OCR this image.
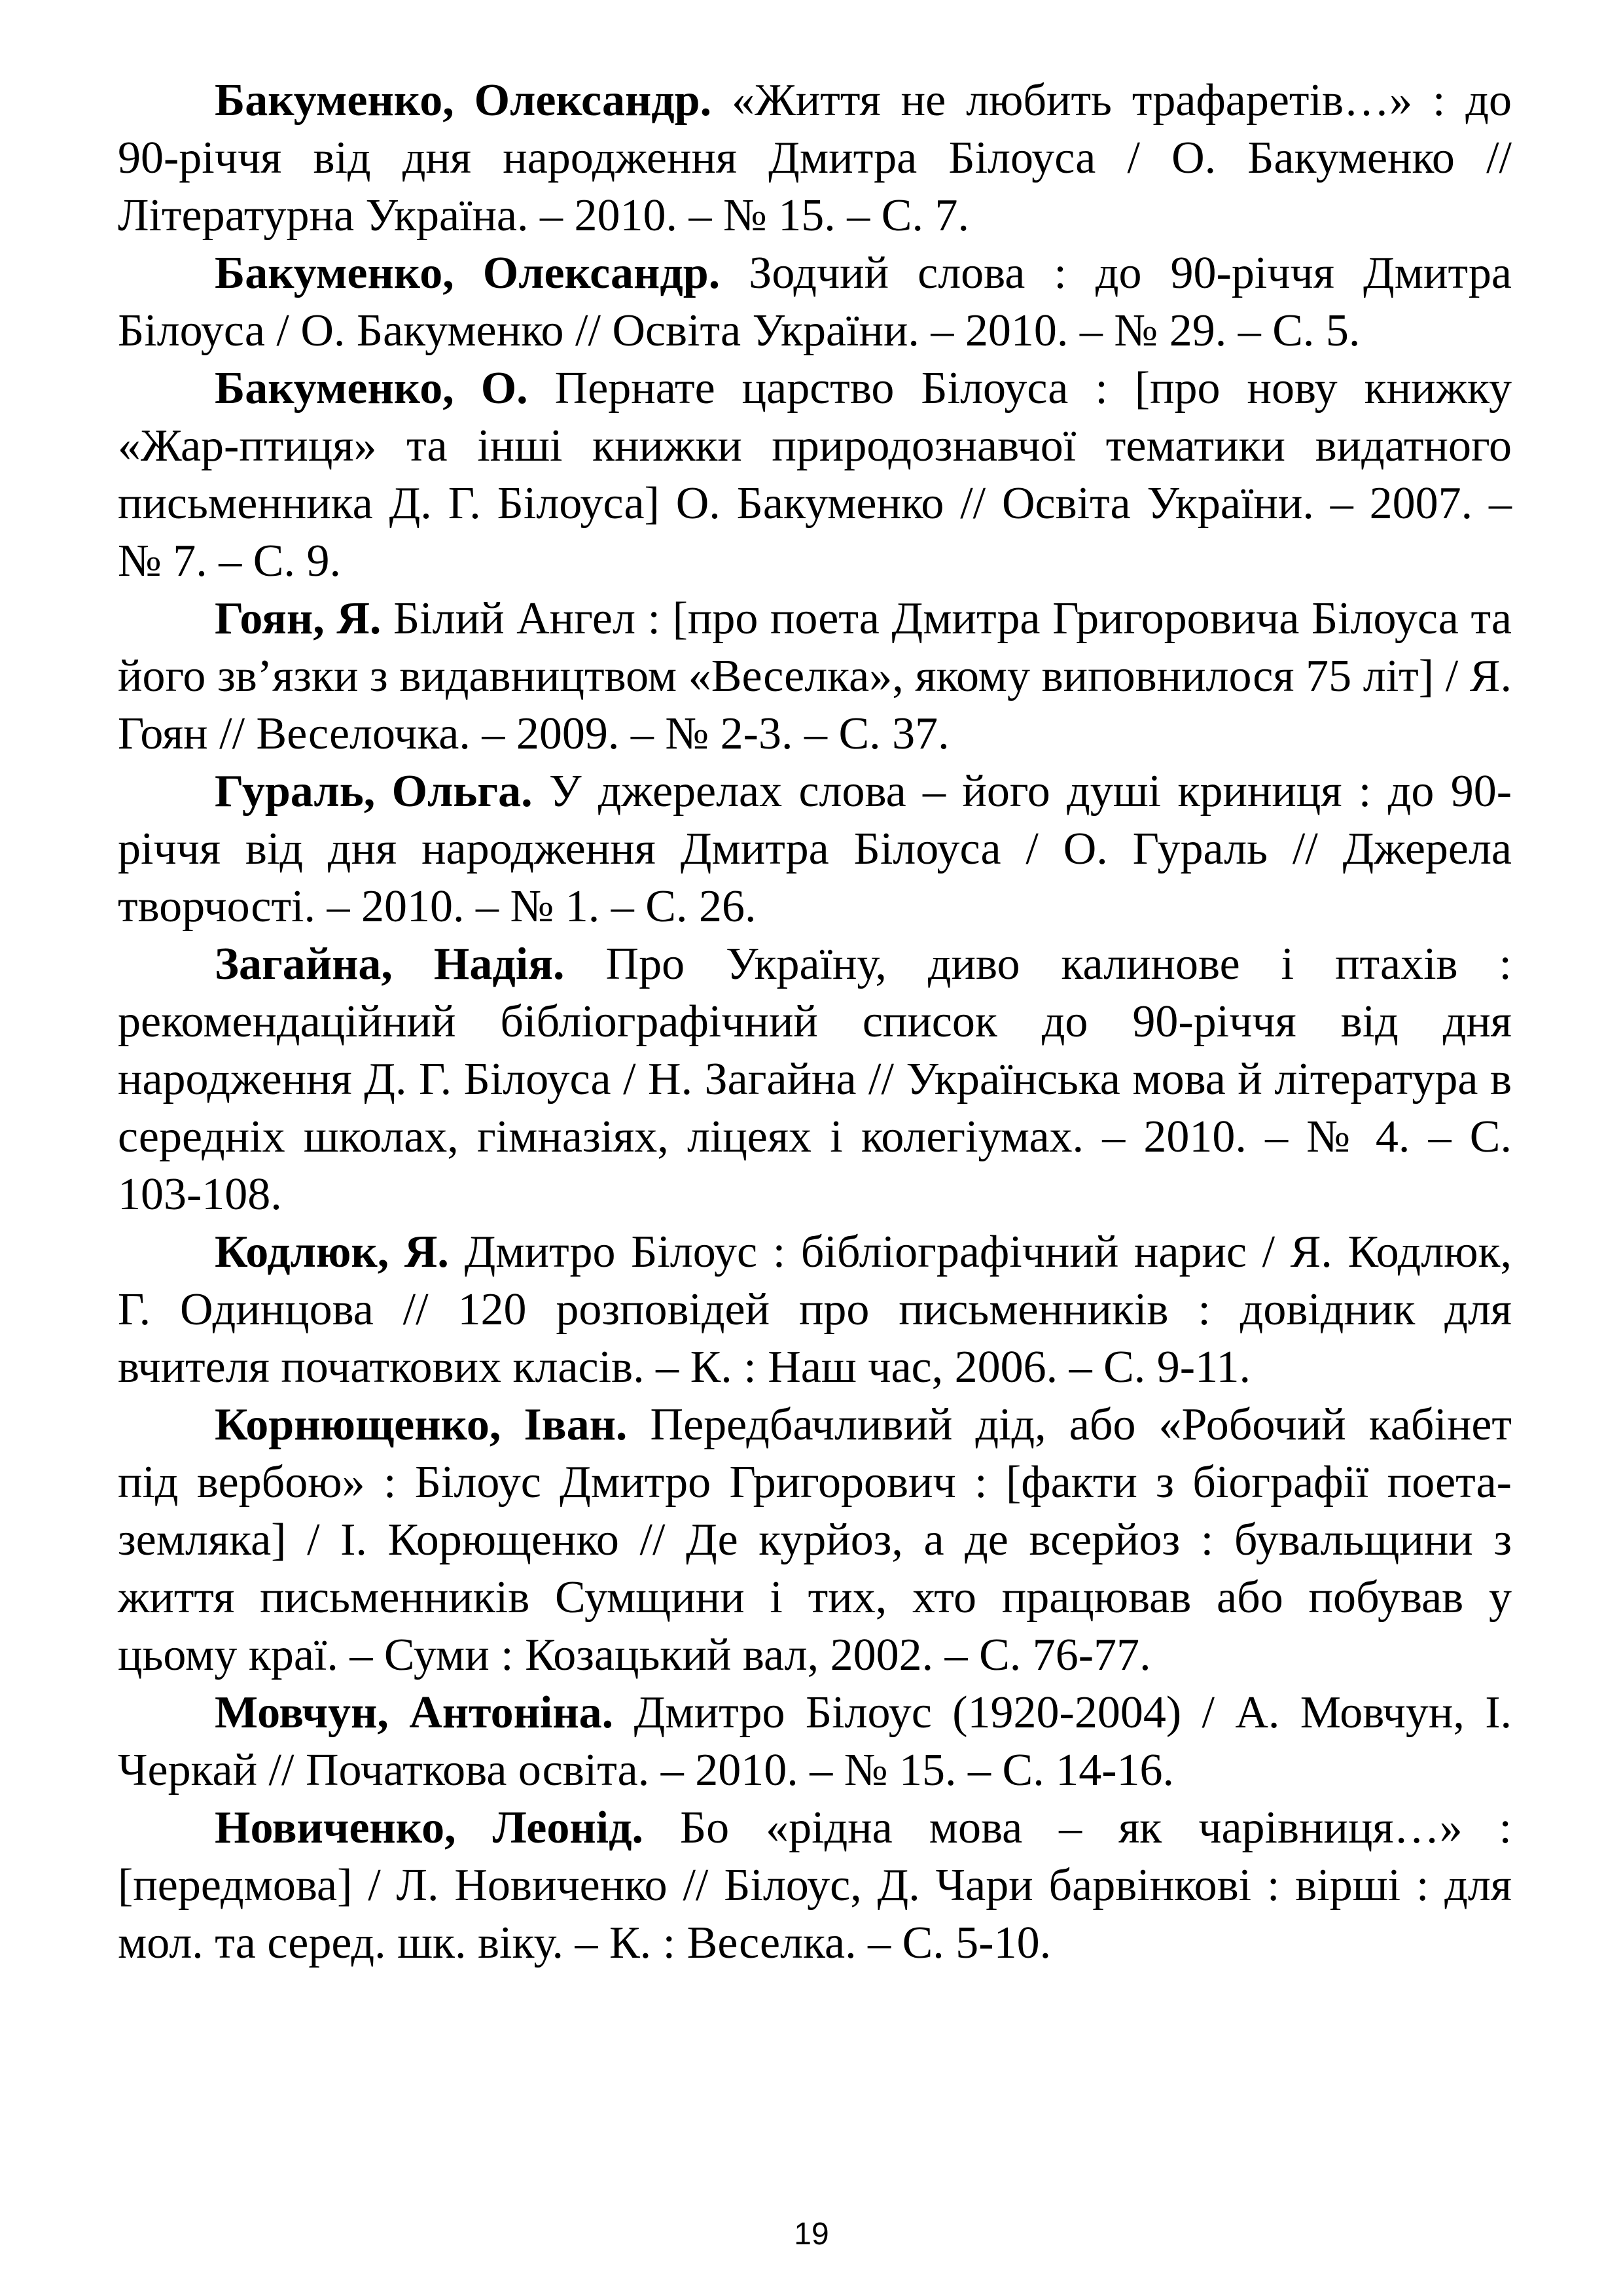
Бакуменко, Олександр. «Життя не любить трафаретів…» : до 90-річчя від дня народження Дмитра Білоуса / О. Бакуменко // Літературна Україна. – 2010. – № 15. – С. 7.

Бакуменко, Олександр. Зодчий слова : до 90-річчя Дмитра Білоуса / О. Бакуменко // Освіта України. – 2010. – № 29. – С. 5.

Бакуменко, О. Пернате царство Білоуса : [про нову книжку «Жар-птиця» та інші книжки природознавчої тематики видатного письменника Д. Г. Білоуса] О. Бакуменко // Освіта України. – 2007. – № 7. – С. 9.

Гоян, Я. Білий Ангел : [про поета Дмитра Григоровича Білоуса та його зв’язки з видавництвом «Веселка», якому виповнилося 75 літ] / Я. Гоян // Веселочка. – 2009. – № 2-3. – С. 37.

Гураль, Ольга. У джерелах слова – його душі криниця : до 90-річчя від дня народження Дмитра Білоуса / О. Гураль // Джерела творчості. – 2010. – № 1. – С. 26.

Загайна, Надія. Про Україну, диво калинове і птахів : рекомендаційний бібліографічний список до 90-річчя від дня народження Д. Г. Білоуса / Н. Загайна // Українська мова й література в середніх школах, гімназіях, ліцеях і колегіумах. – 2010. – № 4. – С. 103-108.

Кодлюк, Я. Дмитро Білоус : бібліографічний нарис / Я. Кодлюк, Г. Одинцова // 120 розповідей про письменників : довідник для вчителя початкових класів. – К. : Наш час, 2006. – С. 9-11.

Корнющенко, Іван. Передбачливий дід, або «Робочий кабінет під вербою» : Білоус Дмитро Григорович : [факти з біографії поета-земляка] / І. Корющенко // Де курйоз, а де всерйоз : бувальщини з життя письменників Сумщини і тих, хто працював або побував у цьому краї. – Суми : Козацький вал, 2002. – С. 76-77.

Мовчун, Антоніна. Дмитро Білоус (1920-2004) / А. Мовчун, І. Черкай // Початкова освіта. – 2010. – № 15. – С. 14-16.

Новиченко, Леонід. Бо «рідна мова – як чарівниця…» : [передмова] / Л. Новиченко // Білоус, Д. Чари барвінкові : вірші : для мол. та серед. шк. віку. – К. : Веселка. – С. 5-10.

19
